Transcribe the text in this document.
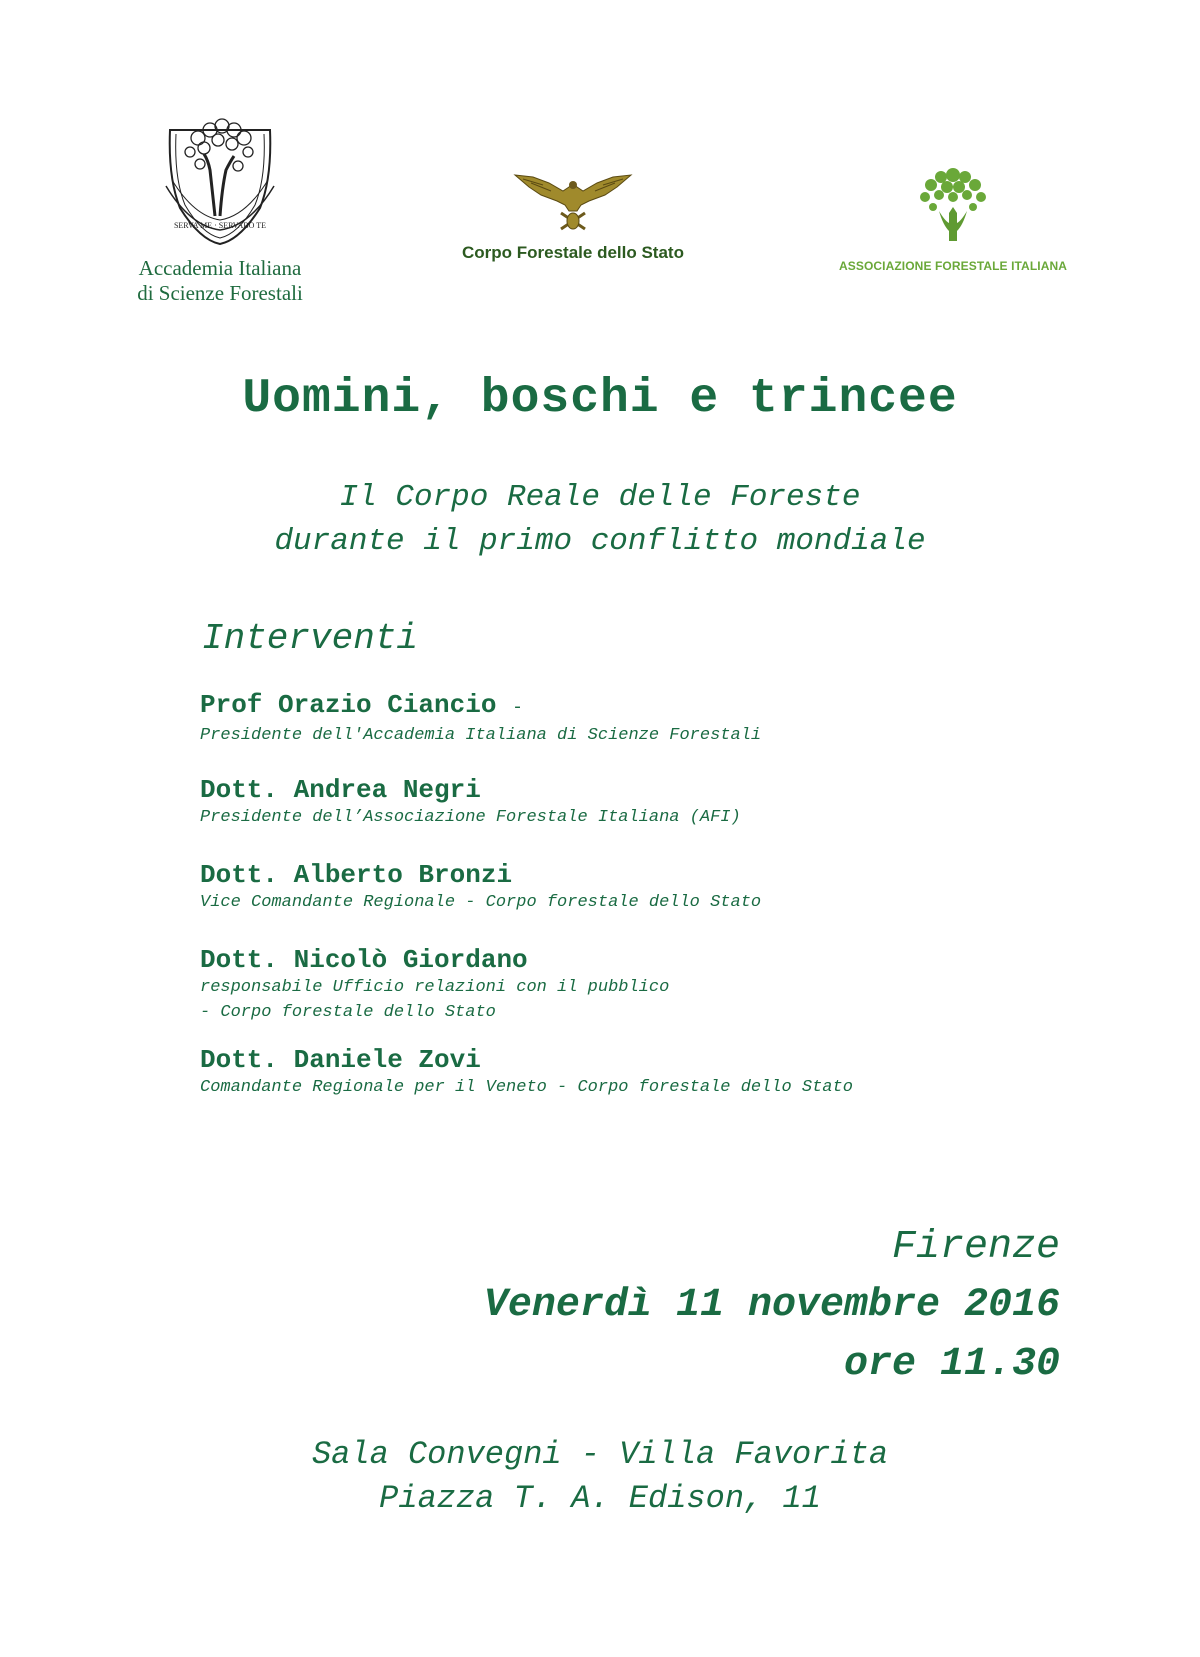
SERVA ME · SERVABO TE
Accademia Italiana
di Scienze Forestali
Corpo Forestale dello Stato
ASSOCIAZIONE FORESTALE ITALIANA
Uomini, boschi e trincee
Il Corpo Reale delle Foreste
durante il primo conflitto mondiale
Interventi
Prof Orazio Ciancio -
Presidente dell'Accademia Italiana di Scienze Forestali
Dott. Andrea Negri
Presidente dell’Associazione Forestale Italiana (AFI)
Dott. Alberto Bronzi
Vice Comandante Regionale - Corpo forestale dello Stato
Dott. Nicolò Giordano
responsabile Ufficio relazioni con il pubblico
- Corpo forestale dello Stato
Dott. Daniele Zovi
Comandante Regionale per il Veneto - Corpo forestale dello Stato
Firenze
Venerdì 11 novembre 2016
ore 11.30
Sala Convegni - Villa Favorita
Piazza T. A. Edison, 11
